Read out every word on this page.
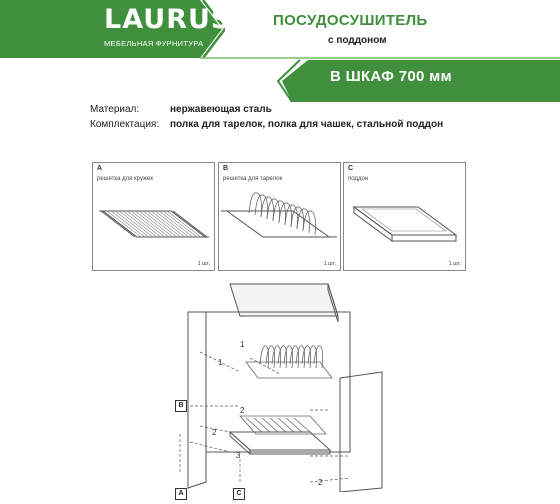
LAURUS
МЕБЕЛЬНАЯ ФУРНИТУРА
ПОСУДОСУШИТЕЛЬ
с поддоном
В ШКАФ 700 мм
Материал:	нержавеющая сталь
Комплектация: полка для тарелок, полка для чашек, стальной поддон
A
решетка для кружек
1 шт.
B
решетка для тарелок
1 шт.
C
поддон
1 шт.
1
1
2
2
3
2
B
A	C
